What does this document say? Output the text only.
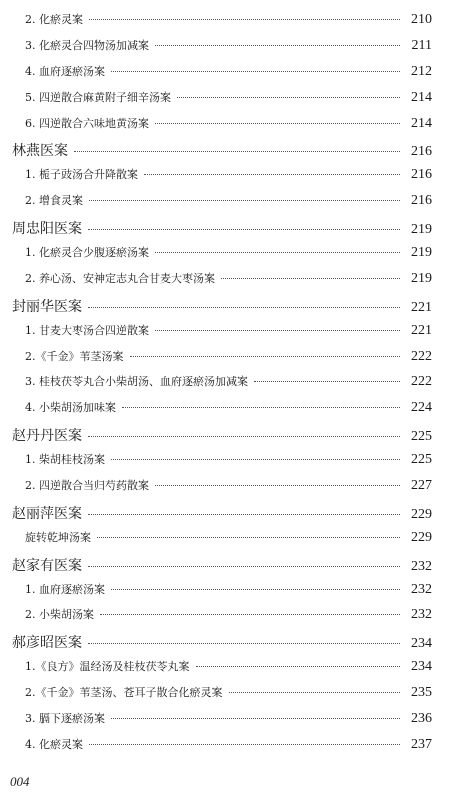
2. 化瘀灵案	210
3. 化瘀灵合四物汤加减案	211
4. 血府逐瘀汤案	212
5. 四逆散合麻黄附子细辛汤案	214
6. 四逆散合六味地黄汤案	214
林燕医案	216
1. 栀子豉汤合升降散案	216
2. 增食灵案	216
周忠阳医案	219
1. 化瘀灵合少腹逐瘀汤案	219
2. 养心汤、安神定志丸合甘麦大枣汤案	219
封丽华医案	221
1. 甘麦大枣汤合四逆散案	221
2.《千金》苇茎汤案	222
3. 桂枝茯苓丸合小柴胡汤、血府逐瘀汤加减案	222
4. 小柴胡汤加味案	224
赵丹丹医案	225
1. 柴胡桂枝汤案	225
2. 四逆散合当归芍药散案	227
赵丽萍医案	229
旋转乾坤汤案	229
赵家有医案	232
1. 血府逐瘀汤案	232
2. 小柴胡汤案	232
郝彦昭医案	234
1.《良方》温经汤及桂枝茯苓丸案	234
2.《千金》苇茎汤、苍耳子散合化瘀灵案	235
3. 膈下逐瘀汤案	236
4. 化瘀灵案	237
004
